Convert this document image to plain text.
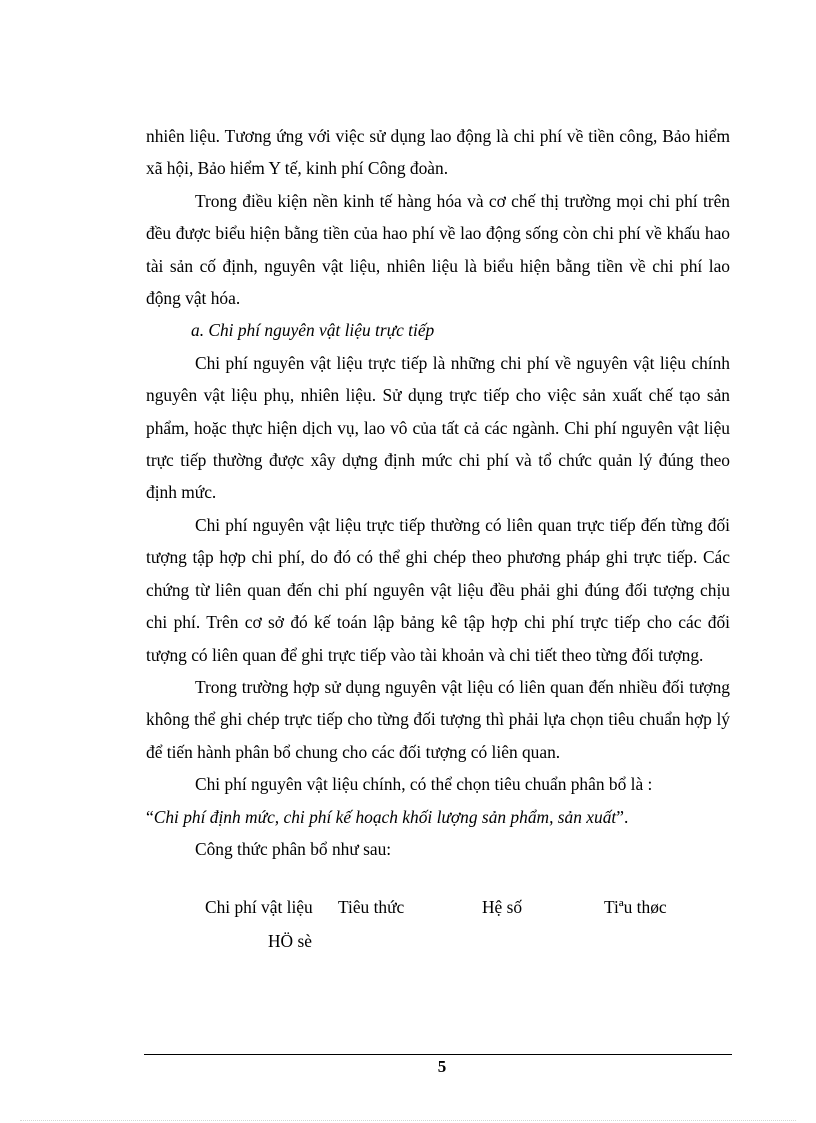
nhiên liệu. Tương ứng với việc sử dụng lao động là chi phí về tiền công, Bảo hiểm xã hội, Bảo hiểm Y tế, kinh phí Công đoàn.

Trong điều kiện nền kinh tế hàng hóa và cơ chế thị trường mọi chi phí trên đều được biểu hiện bằng tiền của hao phí về lao động sống còn chi phí về khấu hao tài sản cố định, nguyên vật liệu, nhiên liệu là biểu hiện bằng tiền về chi phí lao động vật hóa.

a. Chi phí nguyên vật liệu trực tiếp

Chi phí nguyên vật liệu trực tiếp là những chi phí về nguyên vật liệu chính nguyên vật liệu phụ, nhiên liệu. Sử dụng trực tiếp cho việc sản xuất chế tạo sản phẩm, hoặc thực hiện dịch vụ, lao vô của tất cả các ngành. Chi phí nguyên vật liệu trực tiếp thường được xây dựng định mức chi phí và tổ chức quản lý đúng theo định mức.

Chi phí nguyên vật liệu trực tiếp thường có liên quan trực tiếp đến từng đối tượng tập hợp chi phí, do đó có thể ghi chép theo phương pháp ghi trực tiếp. Các chứng từ liên quan đến chi phí nguyên vật liệu đều phải ghi đúng đối tượng chịu chi phí. Trên cơ sở đó kế toán lập bảng kê tập hợp chi phí trực tiếp cho các đối tượng có liên quan để ghi trực tiếp vào tài khoản và chi tiết theo từng đối tượng.

Trong trường hợp sử dụng nguyên vật liệu có liên quan đến nhiều đối tượng không thể ghi chép trực tiếp cho từng đối tượng thì phải lựa chọn tiêu chuẩn hợp lý để tiến hành phân bổ chung cho các đối tượng có liên quan.

Chi phí nguyên vật liệu chính, có thể chọn tiêu chuẩn phân bổ là :

“Chi phí định mức, chi phí kế hoạch khối lượng sản phẩm, sản xuất”.

Công thức phân bổ như sau:

Chi phí vật liệu Tiêu thức	Hệ số	Tiªu thøc
HÖ sè
5
